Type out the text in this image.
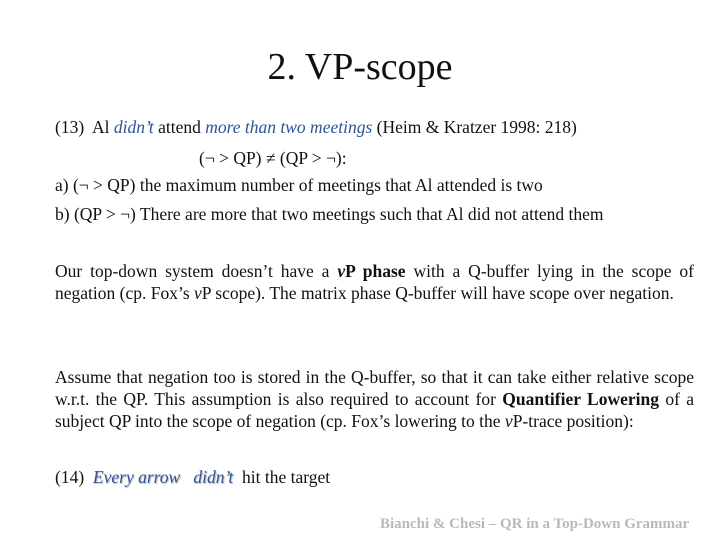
2. VP-scope
(13) Al didn’t attend more than two meetings (Heim & Kratzer 1998: 218)
(¬ > QP) ≠ (QP > ¬):
a) (¬ > QP) the maximum number of meetings that Al attended is two
b) (QP > ¬) There are more that two meetings such that Al did not attend them
Our top-down system doesn’t have a vP phase with a Q-buffer lying in the scope of negation (cp. Fox’s vP scope). The matrix phase Q-buffer will have scope over negation.
Assume that negation too is stored in the Q-buffer, so that it can take either relative scope w.r.t. the QP. This assumption is also required to account for Quantifier Lowering of a subject QP into the scope of negation (cp. Fox’s lowering to the vP-trace position):
(14) Every arrow didn’t hit the target
Bianchi & Chesi – QR in a Top-Down Grammar
